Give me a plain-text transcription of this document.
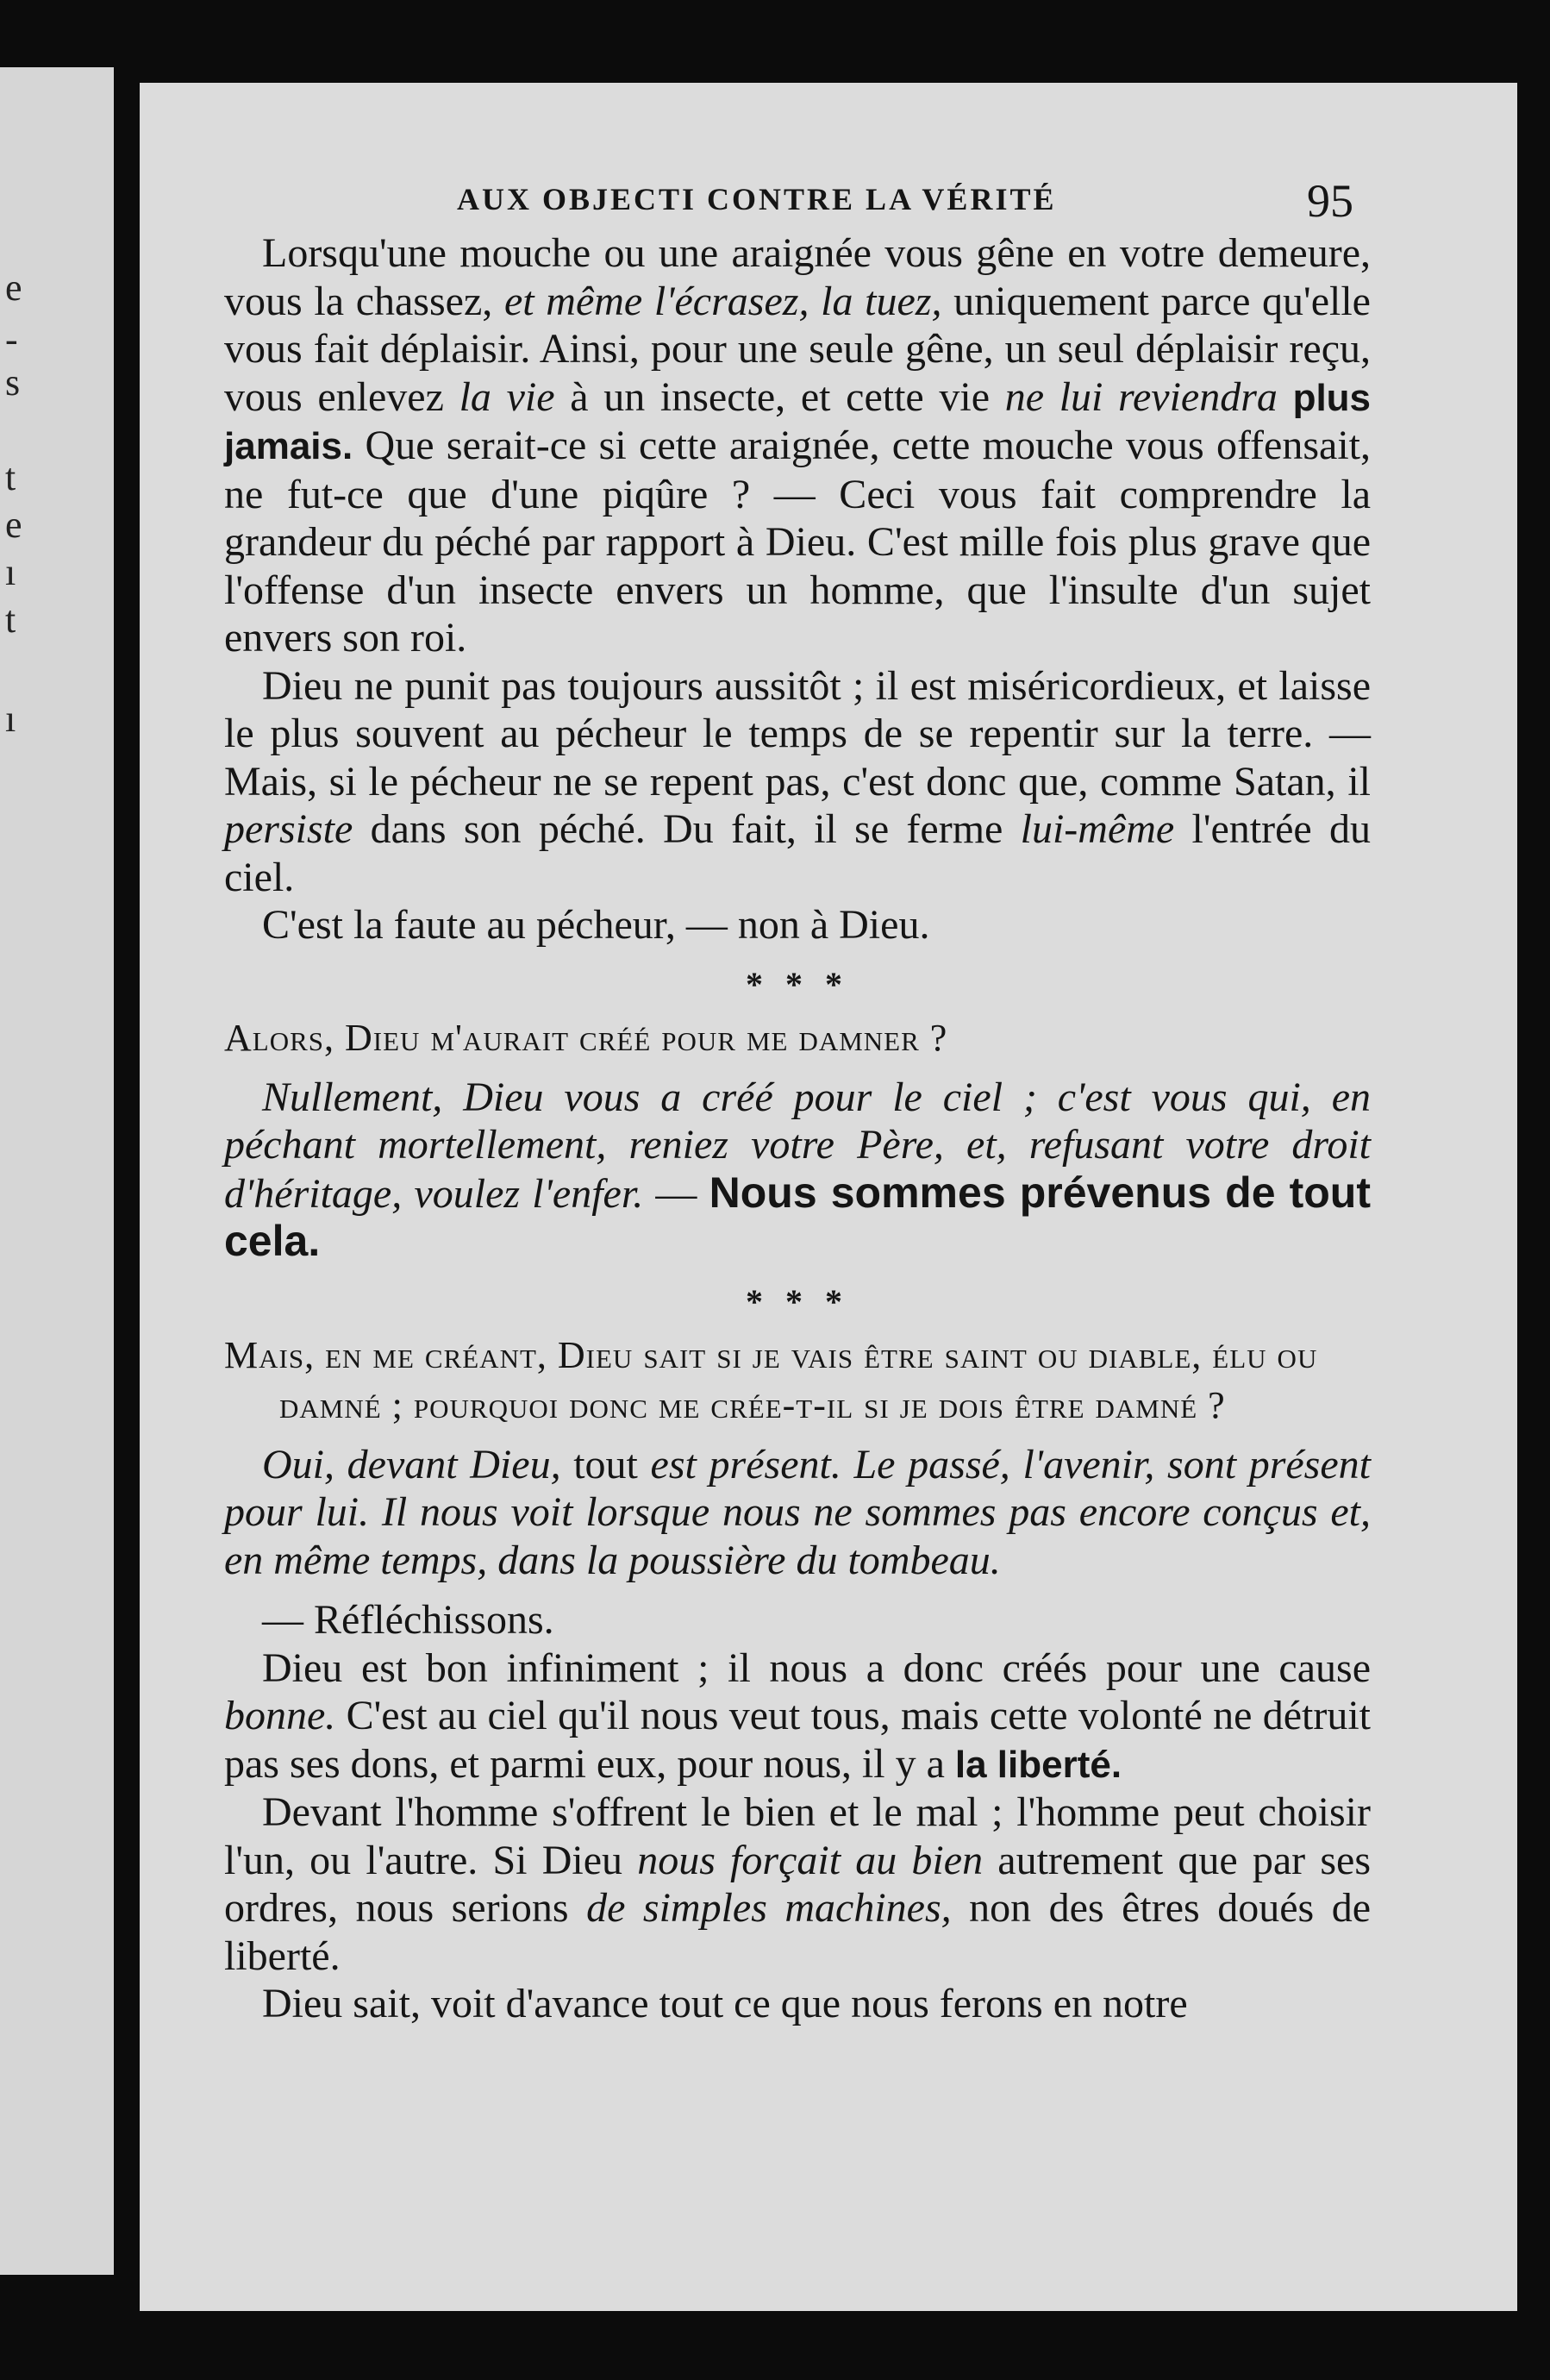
e
-
s
t
e
ı
t
ı
AUX OBJECTI CONTRE LA VÉRITÉ	95

Lorsqu'une mouche ou une araignée vous gêne en votre demeure, vous la chassez, et même l'écrasez, la tuez, uniquement parce qu'elle vous fait déplaisir. Ainsi, pour une seule gêne, un seul déplaisir reçu, vous enlevez la vie à un insecte, et cette vie ne lui reviendra plus jamais. Que serait-ce si cette araignée, cette mouche vous offensait, ne fut-ce que d'une piqûre ? — Ceci vous fait comprendre la grandeur du péché par rapport à Dieu. C'est mille fois plus grave que l'offense d'un insecte envers un homme, que l'insulte d'un sujet envers son roi.

Dieu ne punit pas toujours aussitôt ; il est miséricordieux, et laisse le plus souvent au pécheur le temps de se repentir sur la terre. — Mais, si le pécheur ne se repent pas, c'est donc que, comme Satan, il persiste dans son péché. Du fait, il se ferme lui-même l'entrée du ciel.

C'est la faute au pécheur, — non à Dieu.

* * *

Alors, Dieu m'aurait créé pour me damner ?

Nullement, Dieu vous a créé pour le ciel ; c'est vous qui, en péchant mortellement, reniez votre Père, et, refusant votre droit d'héritage, voulez l'enfer. — Nous sommes prévenus de tout cela.

* * *

Mais, en me créant, Dieu sait si je vais être saint ou diable, élu ou damné ; pourquoi donc me crée-t-il si je dois être damné ?

Oui, devant Dieu, tout est présent. Le passé, l'avenir, sont présent pour lui. Il nous voit lorsque nous ne sommes pas encore conçus et, en même temps, dans la poussière du tombeau.

— Réfléchissons.

Dieu est bon infiniment ; il nous a donc créés pour une cause bonne. C'est au ciel qu'il nous veut tous, mais cette volonté ne détruit pas ses dons, et parmi eux, pour nous, il y a la liberté.

Devant l'homme s'offrent le bien et le mal ; l'homme peut choisir l'un, ou l'autre. Si Dieu nous forçait au bien autrement que par ses ordres, nous serions de simples machines, non des êtres doués de liberté.

Dieu sait, voit d'avance tout ce que nous ferons en notre
